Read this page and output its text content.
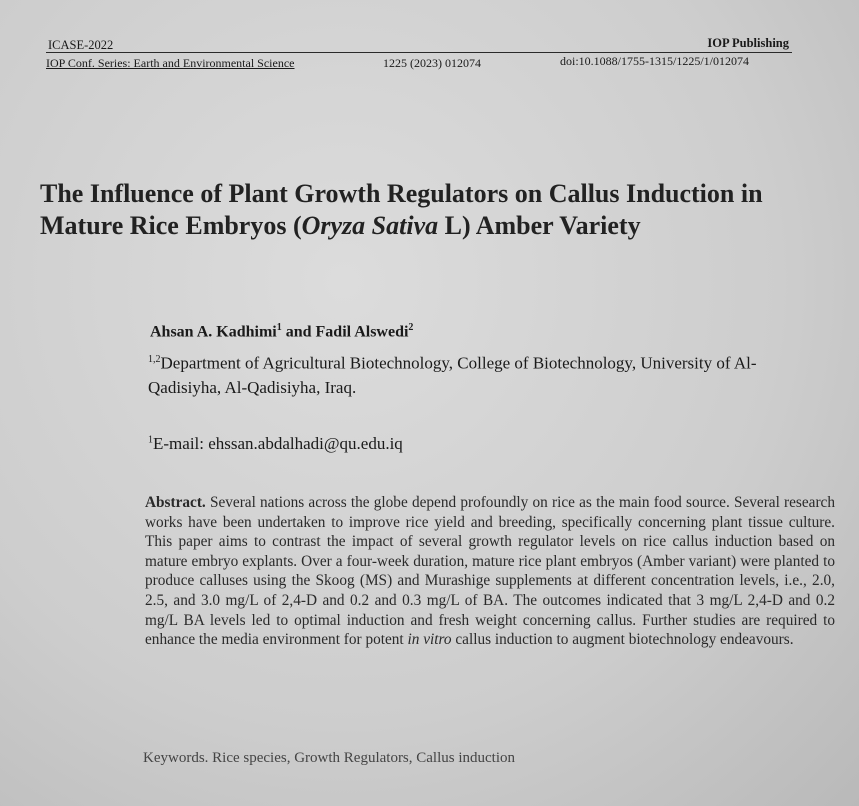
ICASE-2022	IOP Publishing
IOP Conf. Series: Earth and Environmental Science	1225 (2023) 012074	doi:10.1088/1755-1315/1225/1/012074
The Influence of Plant Growth Regulators on Callus Induction in Mature Rice Embryos (Oryza Sativa L) Amber Variety
Ahsan A. Kadhimi$^1$ and Fadil Alswedi$^2$
$^{1,2}$Department of Agricultural Biotechnology, College of Biotechnology, University of Al-Qadisiyha, Al-Qadisiyha, Iraq.
$^1$E-mail: ehssan.abdalhadi@qu.edu.iq
Abstract. Several nations across the globe depend profoundly on rice as the main food source. Several research works have been undertaken to improve rice yield and breeding, specifically concerning plant tissue culture. This paper aims to contrast the impact of several growth regulator levels on rice callus induction based on mature embryo explants. Over a four-week duration, mature rice plant embryos (Amber variant) were planted to produce calluses using the Skoog (MS) and Murashige supplements at different concentration levels, i.e., 2.0, 2.5, and 3.0 mg/L of 2,4-D and 0.2 and 0.3 mg/L of BA. The outcomes indicated that 3 mg/L 2,4-D and 0.2 mg/L BA levels led to optimal induction and fresh weight concerning callus. Further studies are required to enhance the media environment for potent in vitro callus induction to augment biotechnology endeavours.
Keywords. Rice species, Growth Regulators, Callus induction
